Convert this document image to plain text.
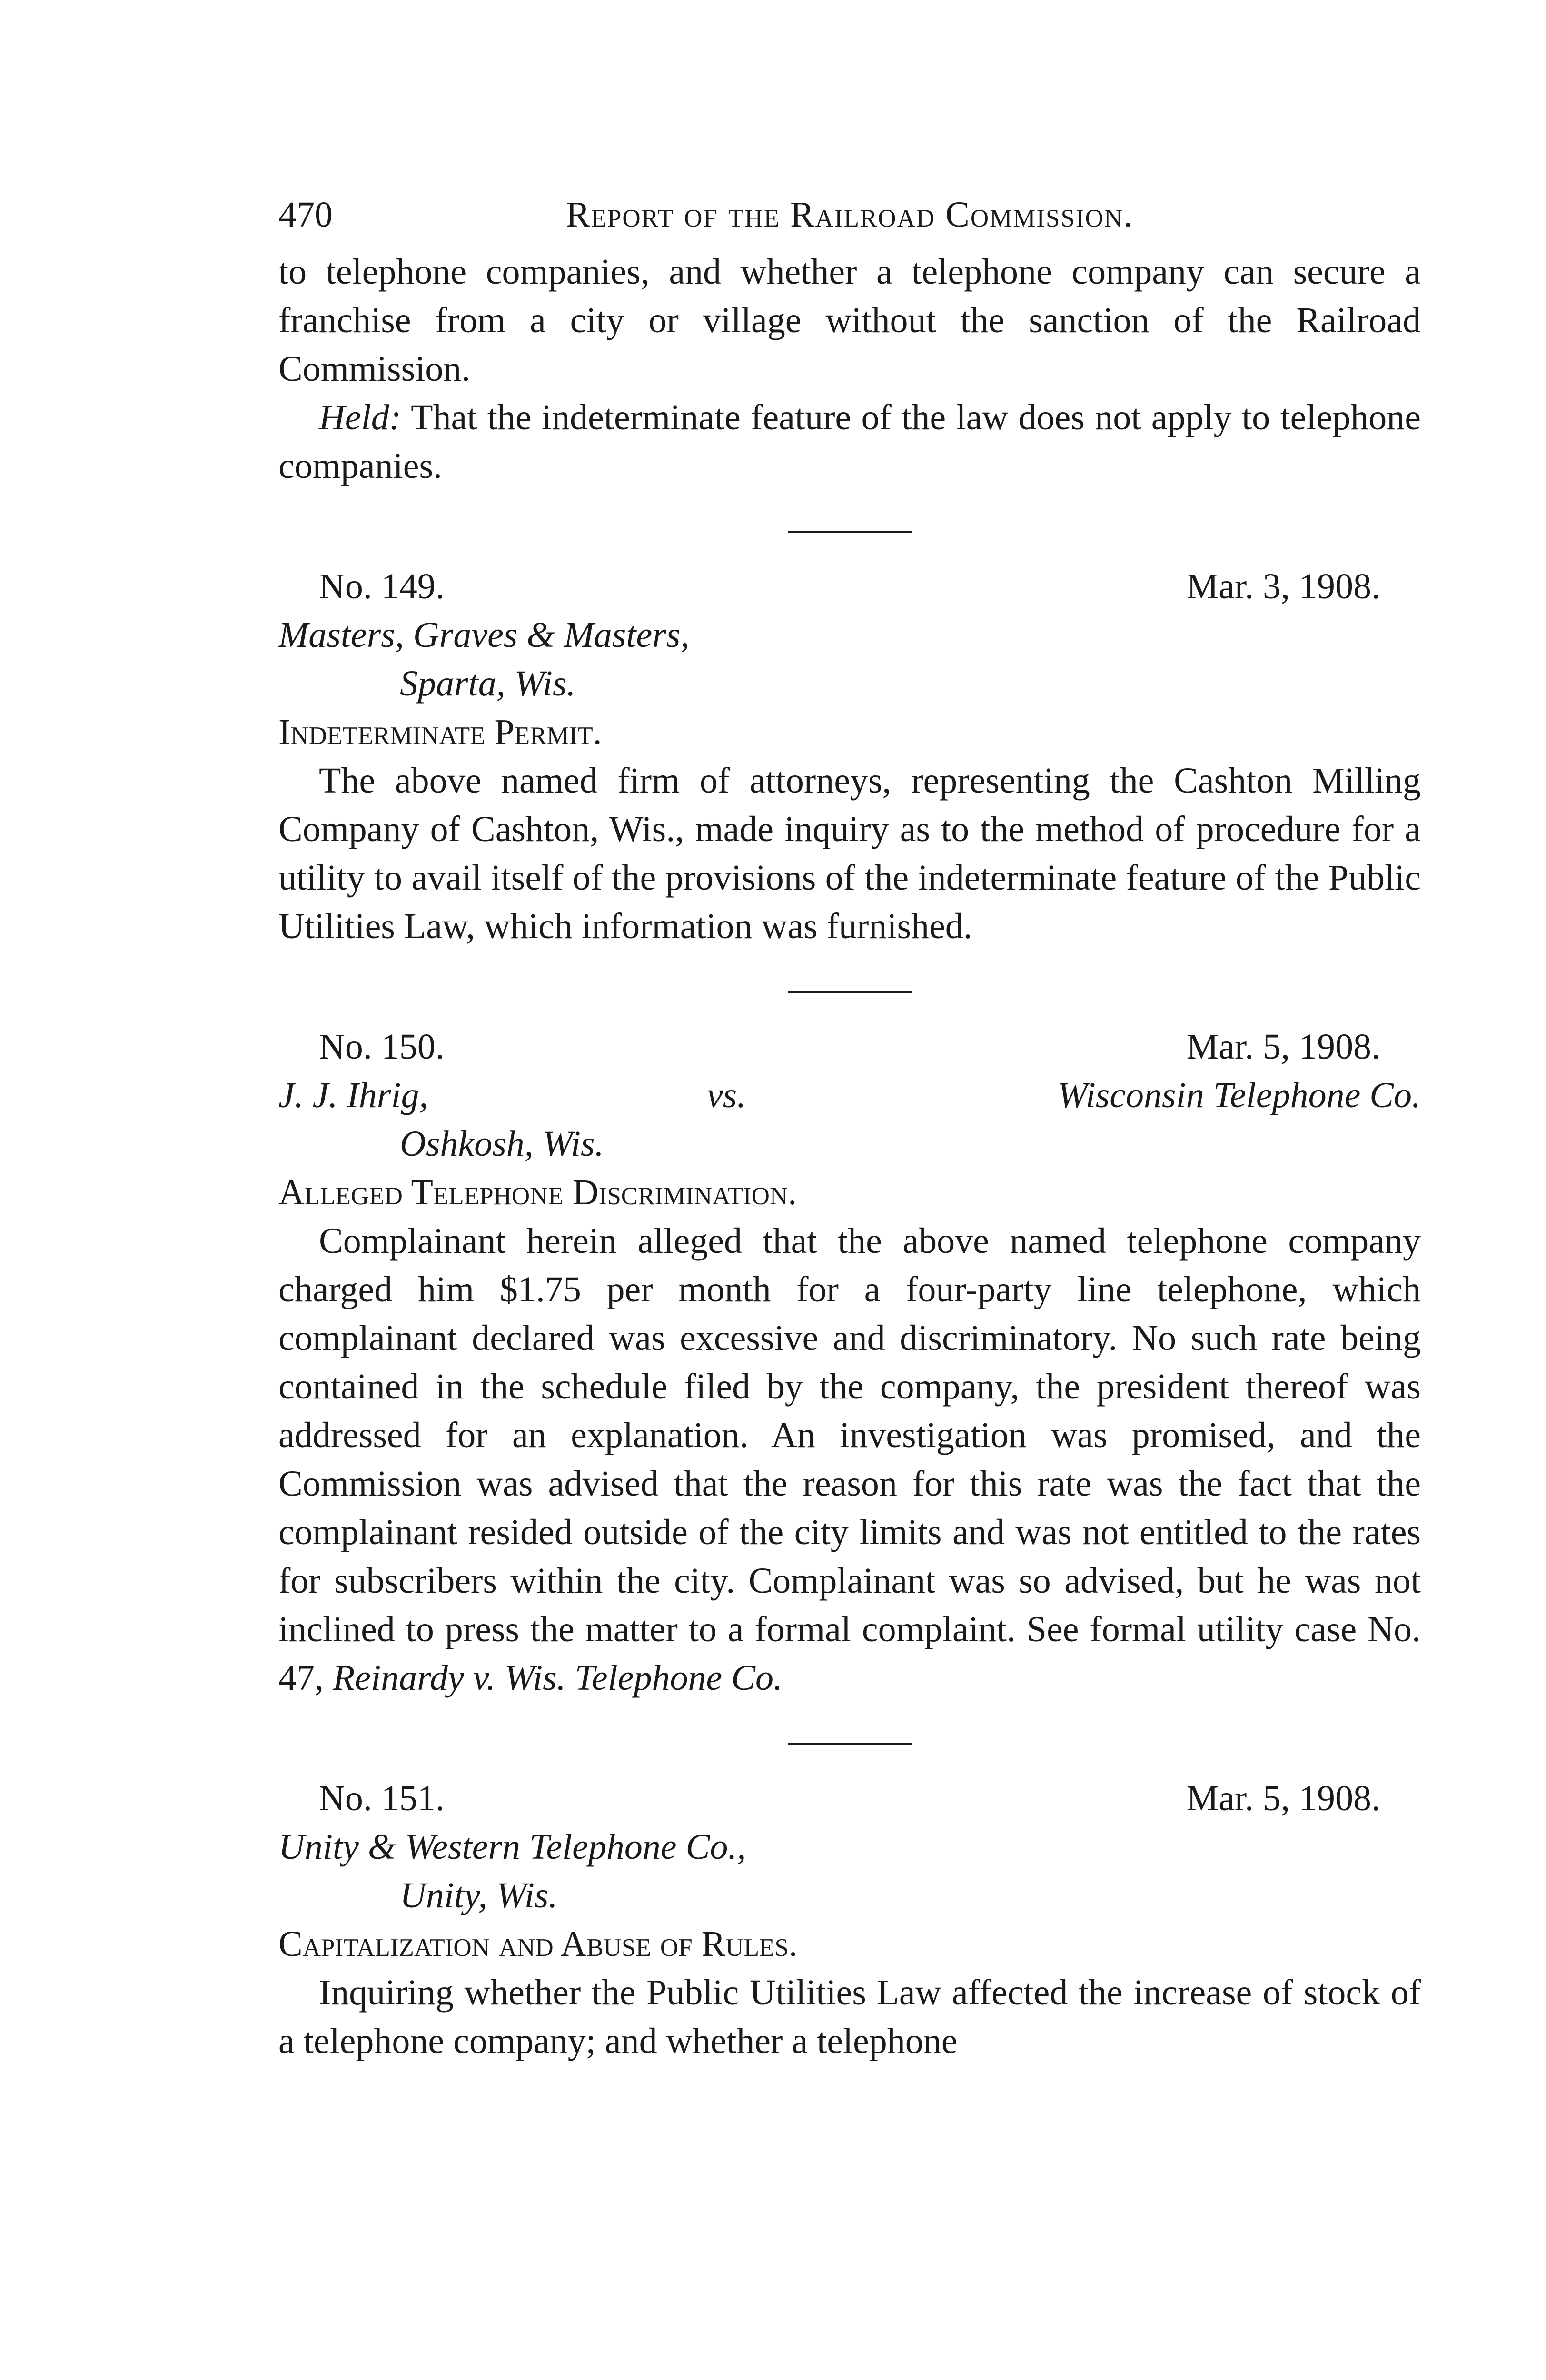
470	Report of the Railroad Commission.

to telephone companies, and whether a telephone company can secure a franchise from a city or village without the sanction of the Railroad Commission.

Held: That the indeterminate feature of the law does not apply to telephone companies.

No. 149.	Mar. 3, 1908.
Masters, Graves & Masters,
Sparta, Wis.
Indeterminate Permit.

The above named firm of attorneys, representing the Cashton Milling Company of Cashton, Wis., made inquiry as to the method of procedure for a utility to avail itself of the provisions of the indeterminate feature of the Public Utilities Law, which information was furnished.

No. 150.	Mar. 5, 1908.
J. J. Ihrig,	vs.	Wisconsin Telephone Co.
Oshkosh, Wis.
Alleged Telephone Discrimination.

Complainant herein alleged that the above named telephone company charged him $1.75 per month for a four-party line telephone, which complainant declared was excessive and discriminatory. No such rate being contained in the schedule filed by the company, the president thereof was addressed for an explanation. An investigation was promised, and the Commission was advised that the reason for this rate was the fact that the complainant resided outside of the city limits and was not entitled to the rates for subscribers within the city. Complainant was so advised, but he was not inclined to press the matter to a formal complaint. See formal utility case No. 47, Reinardy v. Wis. Telephone Co.

No. 151.	Mar. 5, 1908.
Unity & Western Telephone Co.,
Unity, Wis.
Capitalization and Abuse of Rules.

Inquiring whether the Public Utilities Law affected the increase of stock of a telephone company; and whether a telephone
